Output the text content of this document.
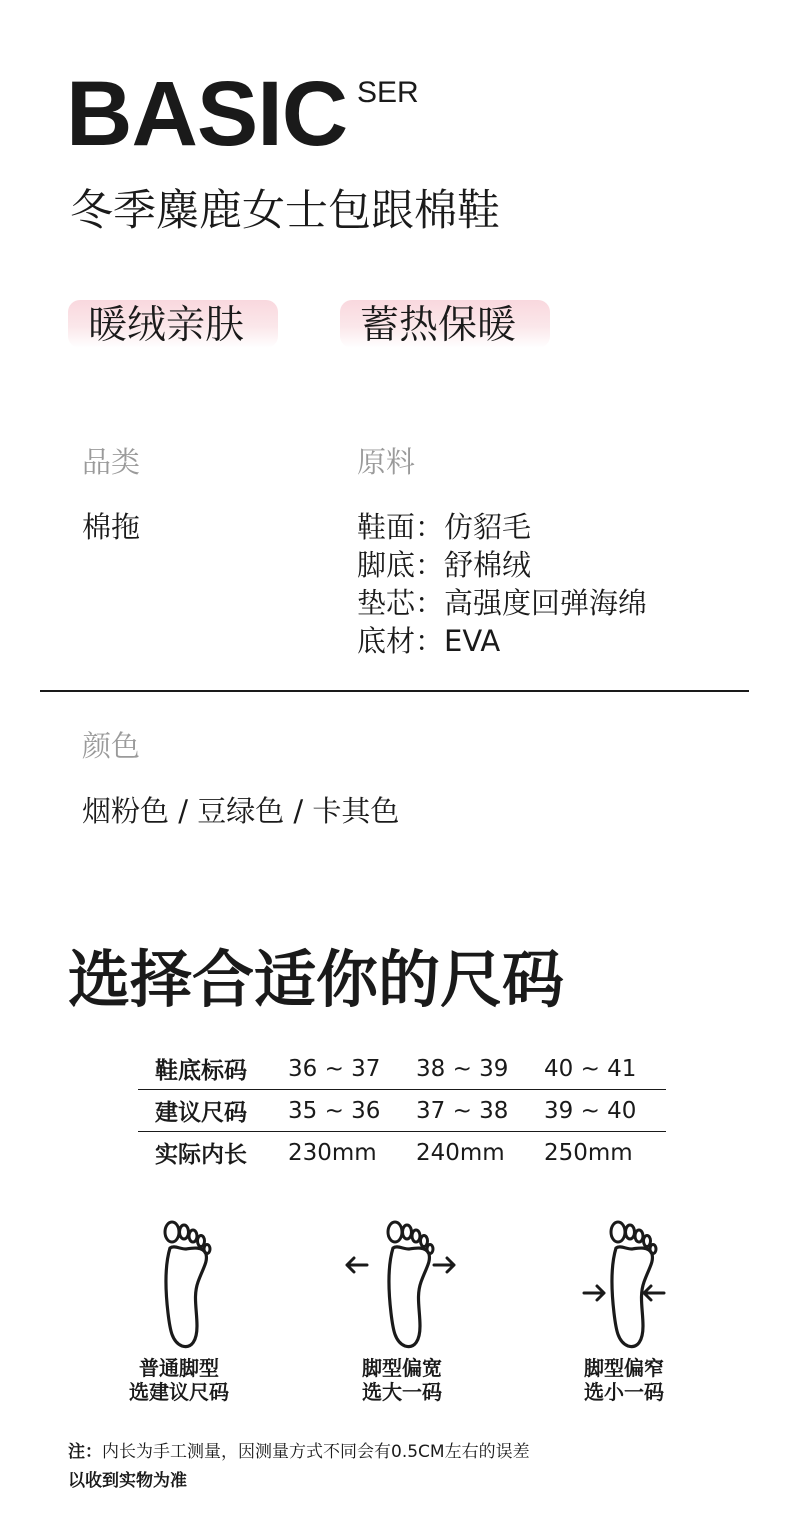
BASIC SER
冬季麋鹿女士包跟棉鞋
暖绒亲肤	蓄热保暖
品类
棉拖
原料
鞋面：仿貂毛
脚底：舒棉绒
垫芯：高强度回弹海绵
底材：EVA
颜色
烟粉色 / 豆绿色 / 卡其色
选择合适你的尺码
鞋底标码	36 ~ 37	38 ~ 39	40 ~ 41
建议尺码	35 ~ 36	37 ~ 38	39 ~ 40
实际内长	230mm	240mm	250mm
普通脚型
选建议尺码
脚型偏宽
选大一码
脚型偏窄
选小一码
注：内长为手工测量，因测量方式不同会有0.5CM左右的误差
以收到实物为准
